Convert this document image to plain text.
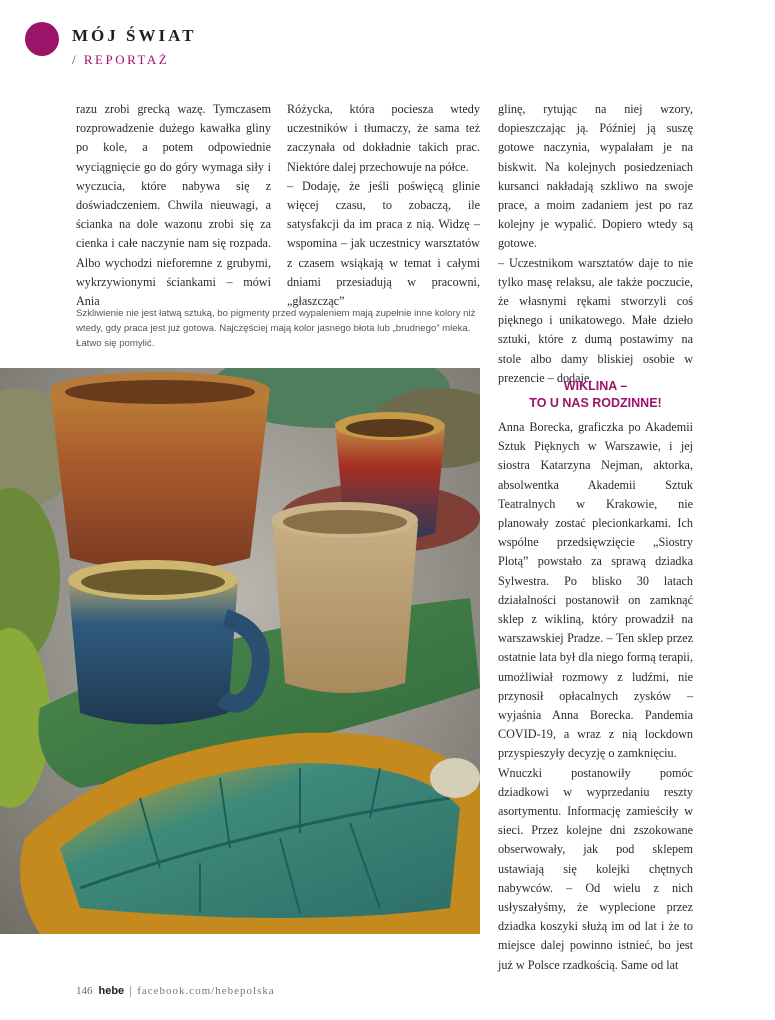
MÓJ ŚWIAT
/ REPORTAŻ

razu zrobi grecką wazę. Tymczasem rozprowadzenie dużego kawałka gliny po kole, a potem odpowiednie wyciągnięcie go do góry wymaga siły i wyczucia, które nabywa się z doświadczeniem. Chwila nieuwagi, a ścianka na dole wazonu zrobi się za cienka i całe naczynie nam się rozpada. Albo wychodzi nieforemne z grubymi, wykrzywionymi ściankami – mówi Ania

Różycka, która pociesza wtedy uczestników i tłumaczy, że sama też zaczynała od dokładnie takich prac. Niektóre dalej przechowuje na półce.

– Dodaję, że jeśli poświęcą glinie więcej czasu, to zobaczą, ile satysfakcji da im praca z nią. Widzę – wspomina – jak uczestnicy warsztatów z czasem wsiąkają w temat i całymi dniami przesiadują w pracowni, „głaszcząc”

glinę, rytując na niej wzory, dopieszczając ją. Później ją suszę gotowe naczynia, wypalałam je na biskwit. Na kolejnych posiedzeniach kursanci nakładają szkliwo na swoje prace, a moim zadaniem jest po raz kolejny je wypalić. Dopiero wtedy są gotowe.

– Uczestnikom warsztatów daje to nie tylko masę relaksu, ale także poczucie, że własnymi rękami stworzyli coś pięknego i unikatowego. Małe dzieło sztuki, które z dumą postawimy na stole albo damy bliskiej osobie w prezencie – dodaje.

Szkliwienie nie jest łatwą sztuką, bo pigmenty przed wypaleniem mają zupełnie inne kolory niż wtedy, gdy praca jest już gotowa. Najczęściej mają kolor jasnego błota lub „brudnego” mleka. Łatwo się pomylić.
WIKLINA –
TO U NAS RODZINNE!

Anna Borecka, graficzka po Akademii Sztuk Pięknych w Warszawie, i jej siostra Katarzyna Nejman, aktorka, absolwentka Akademii Sztuk Teatralnych w Krakowie, nie planowały zostać plecionkarkami. Ich wspólne przedsięwzięcie „Siostry Plotą” powstało za sprawą dziadka Sylwestra. Po blisko 30 latach działalności postanowił on zamknąć sklep z wikliną, który prowadził na warszawskiej Pradze. – Ten sklep przez ostatnie lata był dla niego formą terapii, umożliwiał rozmowy z ludźmi, nie przynosił opłacalnych zysków – wyjaśnia Anna Borecka. Pandemia COVID-19, a wraz z nią lockdown przyspieszyły decyzję o zamknięciu.

Wnuczki postanowiły pomóc dziadkowi w wyprzedaniu reszty asortymentu. Informację zamieściły w sieci. Przez kolejne dni zszokowane obserwowały, jak pod sklepem ustawiają się kolejki chętnych nabywców. – Od wielu z nich usłyszałyśmy, że wyplecione przez dziadka koszyki służą im od lat i że to miejsce dalej powinno istnieć, bo jest już w Polsce rzadkością. Same od lat

146 hebe facebook.com/hebepolska
